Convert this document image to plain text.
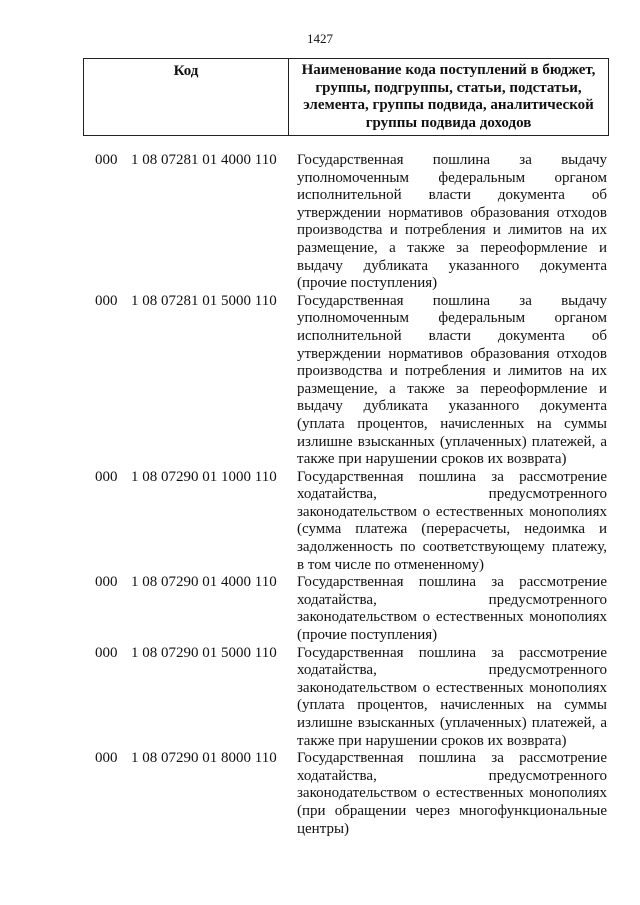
1427
Код	Наименование кода поступлений в бюджет, группы, подгруппы, статьи, подстатьи, элемента, группы подвида, аналитической группы подвида доходов
000 1 08 07281 01 4000 110	Государственная пошлина за выдачу
уполномоченным федеральным органом
исполнительной власти документа об
утверждении нормативов образования отходов
производства и потребления и лимитов на их
размещение, а также за переоформление и
выдачу дубликата указанного документа
(прочие поступления)
000 1 08 07281 01 5000 110	Государственная пошлина за выдачу
уполномоченным федеральным органом
исполнительной власти документа об
утверждении нормативов образования отходов
производства и потребления и лимитов на их
размещение, а также за переоформление и
выдачу дубликата указанного документа
(уплата процентов, начисленных на суммы
излишне взысканных (уплаченных) платежей, а
также при нарушении сроков их возврата)
000 1 08 07290 01 1000 110	Государственная пошлина за рассмотрение
ходатайства, предусмотренного
законодательством о естественных монополиях
(сумма платежа (перерасчеты, недоимка и
задолженность по соответствующему платежу,
в том числе по отмененному)
000 1 08 07290 01 4000 110	Государственная пошлина за рассмотрение
ходатайства, предусмотренного
законодательством о естественных монополиях
(прочие поступления)
000 1 08 07290 01 5000 110	Государственная пошлина за рассмотрение
ходатайства, предусмотренного
законодательством о естественных монополиях
(уплата процентов, начисленных на суммы
излишне взысканных (уплаченных) платежей, а
также при нарушении сроков их возврата)
000 1 08 07290 01 8000 110	Государственная пошлина за рассмотрение
ходатайства, предусмотренного
законодательством о естественных монополиях
(при обращении через многофункциональные
центры)
